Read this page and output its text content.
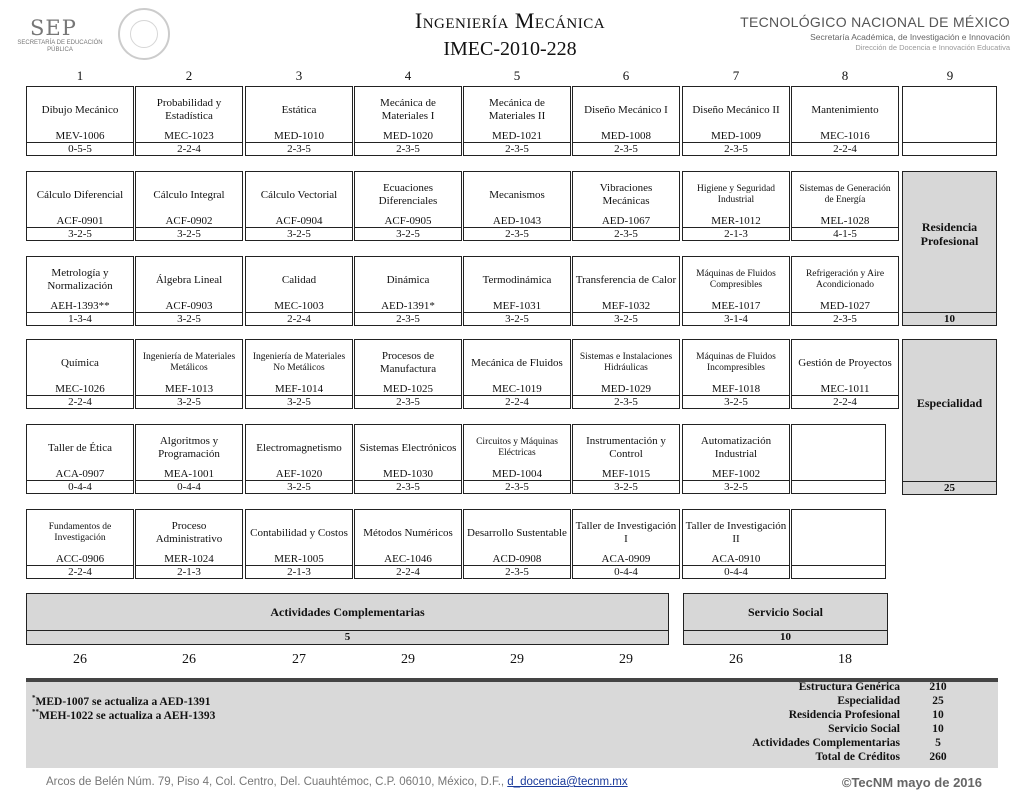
SEP
SECRETARÍA DE EDUCACIÓN PÚBLICA
Ingeniería Mecánica
IMEC-2010-228
TECNOLÓGICO NACIONAL DE MÉXICO
Secretaría Académica, de Investigación e Innovación
Dirección de Docencia e Innovación Educativa
1	2	3	4	5	6	7	8	9
Dibujo Mecánico
MEV-1006
0-5-5
Probabilidad y Estadística
MEC-1023
2-2-4
Estática
MED-1010
2-3-5
Mecánica de Materiales I
MED-1020
2-3-5
Mecánica de Materiales II
MED-1021
2-3-5
Diseño Mecánico I
MED-1008
2-3-5
Diseño Mecánico II
MED-1009
2-3-5
Mantenimiento
MEC-1016
2-2-4
Cálculo Diferencial
ACF-0901
3-2-5
Cálculo Integral
ACF-0902
3-2-5
Cálculo Vectorial
ACF-0904
3-2-5
Ecuaciones Diferenciales
ACF-0905
3-2-5
Mecanismos
AED-1043
2-3-5
Vibraciones Mecánicas
AED-1067
2-3-5
Higiene y Seguridad Industrial
MER-1012
2-1-3
Sistemas de Generación de Energía
MEL-1028
4-1-5
Metrología y Normalización
AEH-1393**
1-3-4
Álgebra Lineal
ACF-0903
3-2-5
Calidad
MEC-1003
2-2-4
Dinámica
AED-1391*
2-3-5
Termodinámica
MEF-1031
3-2-5
Transferencia de Calor
MEF-1032
3-2-5
Máquinas de Fluidos Compresibles
MEE-1017
3-1-4
Refrigeración y Aire Acondicionado
MED-1027
2-3-5
Química
MEC-1026
2-2-4
Ingeniería de Materiales Metálicos
MEF-1013
3-2-5
Ingeniería de Materiales No Metálicos
MEF-1014
3-2-5
Procesos de Manufactura
MED-1025
2-3-5
Mecánica de Fluidos
MEC-1019
2-2-4
Sistemas e Instalaciones Hidráulicas
MED-1029
2-3-5
Máquinas de Fluidos Incompresibles
MEF-1018
3-2-5
Gestión de Proyectos
MEC-1011
2-2-4
Taller de Ética
ACA-0907
0-4-4
Algoritmos y Programación
MEA-1001
0-4-4
Electromagnetismo
AEF-1020
3-2-5
Sistemas Electrónicos
MED-1030
2-3-5
Circuitos y Máquinas Eléctricas
MED-1004
2-3-5
Instrumentación y Control
MEF-1015
3-2-5
Automatización Industrial
MEF-1002
3-2-5
Fundamentos de Investigación
ACC-0906
2-2-4
Proceso Administrativo
MER-1024
2-1-3
Contabilidad y Costos
MER-1005
2-1-3
Métodos Numéricos
AEC-1046
2-2-4
Desarrollo Sustentable
ACD-0908
2-3-5
Taller de Investigación I
ACA-0909
0-4-4
Taller de Investigación II
ACA-0910
0-4-4
26	26	27	29	29	29	26	18
Residencia Profesional
10
Especialidad
25
Actividades Complementarias
5
Servicio Social
10
*MED-1007 se actualiza a AED-1391
**MEH-1022 se actualiza a AEH-1393
Estructura Genérica	210
Especialidad	25
Residencia Profesional	10
Servicio Social	10
Actividades Complementarias	5
Total de Créditos	260
Arcos de Belén Núm. 79, Piso 4, Col. Centro, Del. Cuauhtémoc, C.P. 06010, México, D.F., d_docencia@tecnm.mx	©TecNM mayo de 2016
